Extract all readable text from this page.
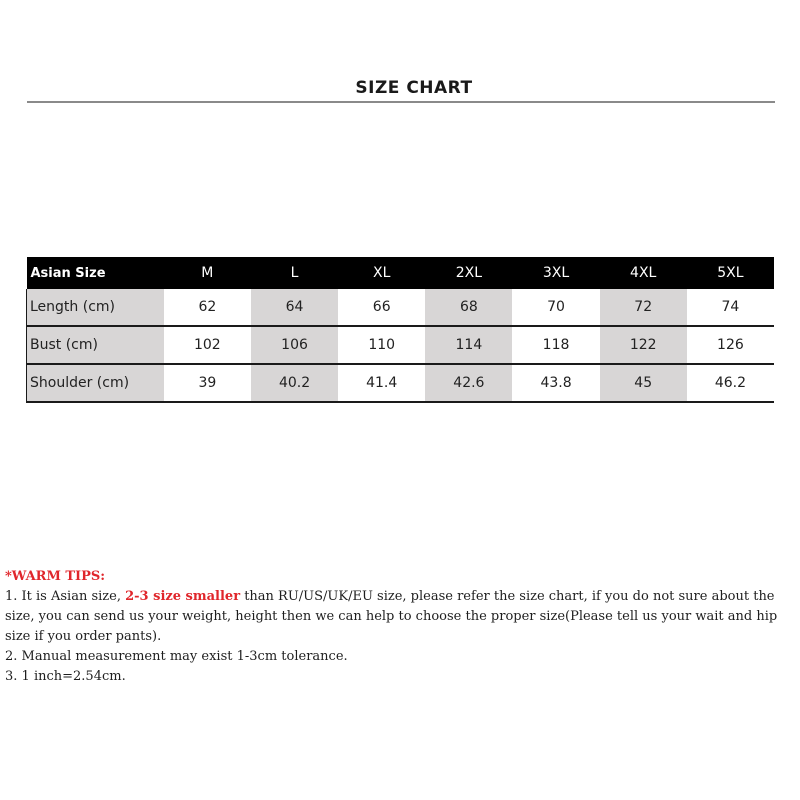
SIZE CHART
Asian Size	M	L	XL	2XL	3XL	4XL	5XL
Length (cm)	62	64	66	68	70	72	74
Bust (cm)	102	106	110	114	118	122	126
Shoulder (cm)	39	40.2	41.4	42.6	43.8	45	46.2

*WARM TIPS:

1. It is Asian size, 2-3 size smaller than RU/US/UK/EU size, please refer the size chart, if you do not sure about the size, you can send us your weight, height then we can help to choose the proper size(Please tell us your wait and hip size if you order pants).

2. Manual measurement may exist 1-3cm tolerance.

3. 1 inch=2.54cm.
